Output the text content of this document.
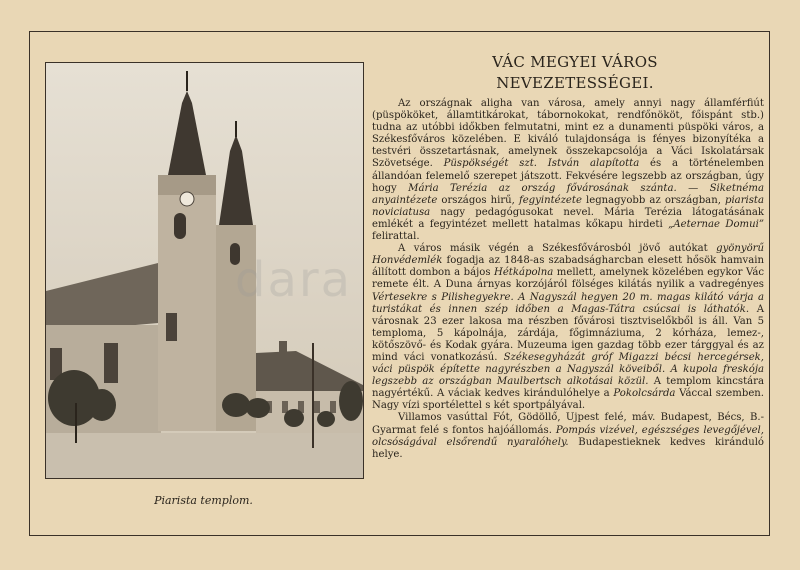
Piarista templom.
VÁC MEGYEI VÁROS
NEVEZETESSÉGEI.

Az országnak aligha van városa, amely annyi nagy államférfiút (püspököket, államtitkárokat, tábornokokat, rendfőnököt, főispánt stb.) tudna az utóbbi időkben felmutatni, mint ez a dunamenti püspöki város, a Székesfőváros közelében. E kiváló tulajdonsága is fényes bizonyítéka a testvéri összetartásnak, amelynek összekapcsolója a Váci Iskolatársak Szövetsége. Püspökségét szt. István alapította és a történelemben állandóan felemelő szerepet játszott. Fekvésére legszebb az országban, úgy hogy Mária Terézia az ország fővárosának szánta. — Siketnéma anyaintézete országos hirű, fegyintézete legnagyobb az országban, piarista noviciatusa nagy pedagógusokat nevel. Mária Terézia látogatásának emlékét a fegyintézet mellett hatalmas kőkapu hirdeti „Aeternae Domui” felirattal.

A város másik végén a Székesfővárosból jövő autókat gyönyörű Honvédemlék fogadja az 1848-as szabadságharcban elesett hősök hamvain állított dombon a bájos Hétkápolna mellett, amelynek közelében egykor Vác remete élt. A Duna árnyas korzójáról fölséges kilátás nyilik a vadregényes Vértesekre s Pilishegyekre. A Nagyszál hegyen 20 m. magas kilátó várja a turistákat és innen szép időben a Magas-Tátra csúcsai is láthatók. A városnak 23 ezer lakosa ma részben fővárosi tisztviselőkből is áll. Van 5 temploma, 5 kápolnája, zárdája, főgimnáziuma, 2 kórháza, lemez-, kötőszövő- és Kodak gyára. Muzeuma igen gazdag több ezer tárggyal és az mind váci vonatkozású. Székesegyházát gróf Migazzi bécsi hercegérsek, váci püspök építette nagyrészben a Nagyszál köveiből. A kupola freskója legszebb az országban Maulbertsch alkotásai közül. A templom kincstára nagyértékű. A váciak kedves kirándulóhelye a Pokolcsárda Váccal szemben. Nagy vízi sportélettel s két sportpályával.

Villamos vasúttal Fót, Gödöllő, Ujpest felé, máv. Budapest, Bécs, B.-Gyarmat felé s fontos hajóállomás. Pompás vizével, egészséges levegőjével, olcsóságával elsőrendű nyaralóhely. Budapestieknek kedves kiránduló helye.

dara
